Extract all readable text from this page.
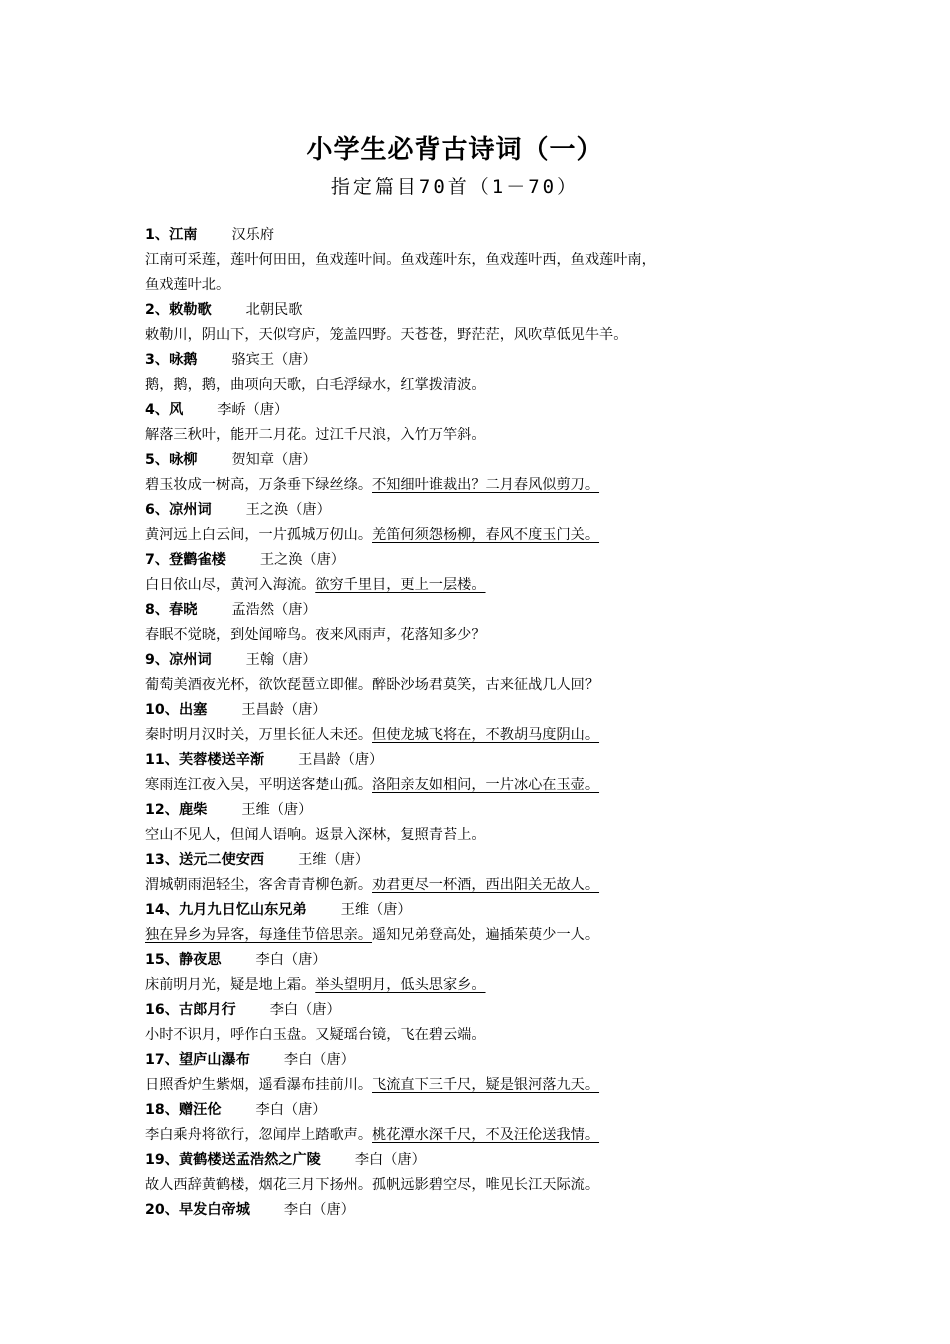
小学生必背古诗词（一）
指定篇目70首（1－70）
1、江南 汉乐府
江南可采莲，莲叶何田田，鱼戏莲叶间。鱼戏莲叶东，鱼戏莲叶西，鱼戏莲叶南，
鱼戏莲叶北。
2、敕勒歌 北朝民歌
敕勒川，阴山下，天似穹庐，笼盖四野。天苍苍，野茫茫，风吹草低见牛羊。
3、咏鹅 骆宾王（唐）
鹅，鹅，鹅，曲项向天歌，白毛浮绿水，红掌拨清波。
4、风 李峤（唐）
解落三秋叶，能开二月花。过江千尺浪，入竹万竿斜。
5、咏柳 贺知章（唐）
碧玉妆成一树高，万条垂下绿丝绦。不知细叶谁裁出？二月春风似剪刀。
6、凉州词 王之涣（唐）
黄河远上白云间，一片孤城万仞山。羌笛何须怨杨柳，春风不度玉门关。
7、登鹳雀楼 王之涣（唐）
白日依山尽，黄河入海流。欲穷千里目，更上一层楼。
8、春晓 孟浩然（唐）
春眠不觉晓，到处闻啼鸟。夜来风雨声，花落知多少？
9、凉州词 王翰（唐）
葡萄美酒夜光杯，欲饮琵琶立即催。醉卧沙场君莫笑，古来征战几人回？
10、出塞 王昌龄（唐）
秦时明月汉时关，万里长征人未还。但使龙城飞将在，不教胡马度阴山。
11、芙蓉楼送辛渐 王昌龄（唐）
寒雨连江夜入吴，平明送客楚山孤。洛阳亲友如相问，一片冰心在玉壶。
12、鹿柴 王维（唐）
空山不见人，但闻人语响。返景入深林，复照青苔上。
13、送元二使安西 王维（唐）
渭城朝雨浥轻尘，客舍青青柳色新。劝君更尽一杯酒，西出阳关无故人。
14、九月九日忆山东兄弟 王维（唐）
独在异乡为异客，每逢佳节倍思亲。遥知兄弟登高处，遍插茱萸少一人。
15、静夜思 李白（唐）
床前明月光，疑是地上霜。举头望明月，低头思家乡。
16、古郎月行 李白（唐）
小时不识月，呼作白玉盘。又疑瑶台镜，飞在碧云端。
17、望庐山瀑布 李白（唐）
日照香炉生紫烟，遥看瀑布挂前川。飞流直下三千尺，疑是银河落九天。
18、赠汪伦 李白（唐）
李白乘舟将欲行，忽闻岸上踏歌声。桃花潭水深千尺，不及汪伦送我情。
19、黄鹤楼送孟浩然之广陵 李白（唐）
故人西辞黄鹤楼，烟花三月下扬州。孤帆远影碧空尽，唯见长江天际流。
20、早发白帝城 李白（唐）
